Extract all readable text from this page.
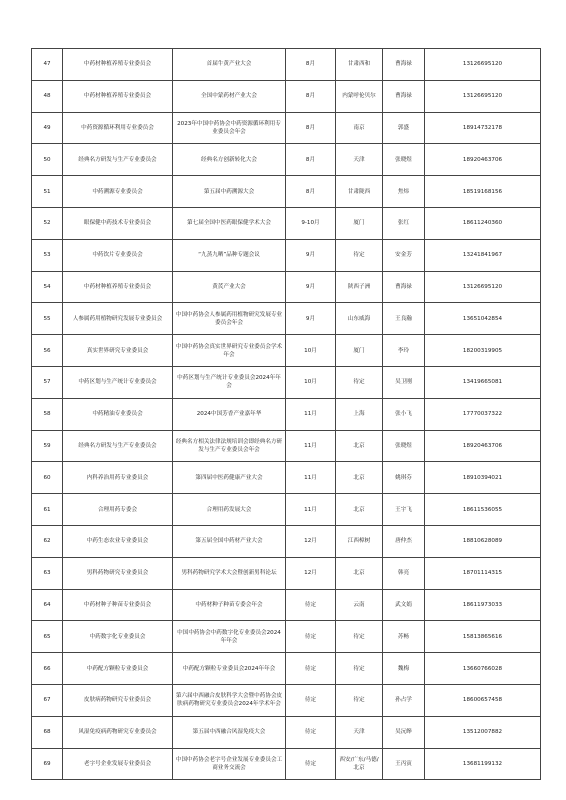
47	中药材种植养殖专业委员会	首届牛黄产业大会	8月	甘肃西和	曹海禄	13126695120
48	中药材种植养殖专业委员会	全国中蒙药材产业大会	8月	内蒙呼伦贝尔	曹海禄	13126695120
49	中药资源循环利用专业委员会	2023年中国中药协会中药资源循环利用专业委员会年会	8月	南京	郭盛	18914732178
50	经典名方研发与生产专业委员会	经典名方创新转化大会	8月	天津	张晓煜	18920463706
51	中药溯源专业委员会	第五届中药溯源大会	8月	甘肃陇西	焦炜	18519168156
52	眼保健中药技术专业委员会	第七届全国中医药眼保健学术大会	9-10月	厦门	张红	18611240360
53	中药饮片专业委员会	“九蒸九晒”品种专题会议	9月	待定	安金芳	13241841967
54	中药材种植养殖专业委员会	黄芪产业大会	9月	陕西子洲	曹海禄	13126695120
55	人参属药用植物研究发展专业委员会	中国中药协会人参属药用植物研究发展专业委员会年会	9月	山东威海	王良瀚	13651042854
56	真实世界研究专业委员会	中国中药协会真实世界研究专业委员会学术年会	10月	厦门	李玲	18200319905
57	中药区划与生产统计专业委员会	中药区划与生产统计专业委员会2024年年会	10月	待定	吴卫刚	13419665081
58	中药精油专业委员会	2024中国芳香产业嘉年华	11月	上海	张小飞	17770037322
59	经典名方研发与生产专业委员会	经典名方相关法律法规培训会即经典名方研发与生产专业委员会年会	11月	北京	张晓煜	18920463706
60	内科养治用药专业委员会	第四届中医药健康产业大会	11月	北京	姚琪芬	18910394021
61	合理用药专委会	合理用药发展大会	11月	北京	王宇飞	18611536055
62	中药生态农业专业委员会	第五届全国中药材产业大会	12月	江西樟树	唐仲杰	18810628089
63	男科药物研究专业委员会	男科药物研究学术大会暨创新男科论坛	12月	北京	韩亮	18701114315
64	中药材种子种苗专业委员会	中药材种子种苗专委会年会	待定	云南	武文娟	18611973033
65	中药数字化专业委员会	中国中药协会中药数字化专业委员会2024年年会	待定	待定	苏畅	15813865616
66	中药配方颗粒专业委员会	中药配方颗粒专业委员会2024年年会	待定	待定	魏梅	13660766028
67	皮肤病药物研究专业委员会	第六届中西融合皮肤科学大会暨中药协会皮肤病药物研究专业委员会2024年学术年会	待定	待定	孙占学	18600657458
68	风湿免疫病药物研究专业委员会	第五届中西融合风湿免疫大会	待定	天津	吴沅皞	13512007882
69	老字号企业发展专业委员会	中国中药协会老字号企业发展专业委员会工商业务交流会	待定	西安/广东/马德/北京	王丙寅	13681199132
